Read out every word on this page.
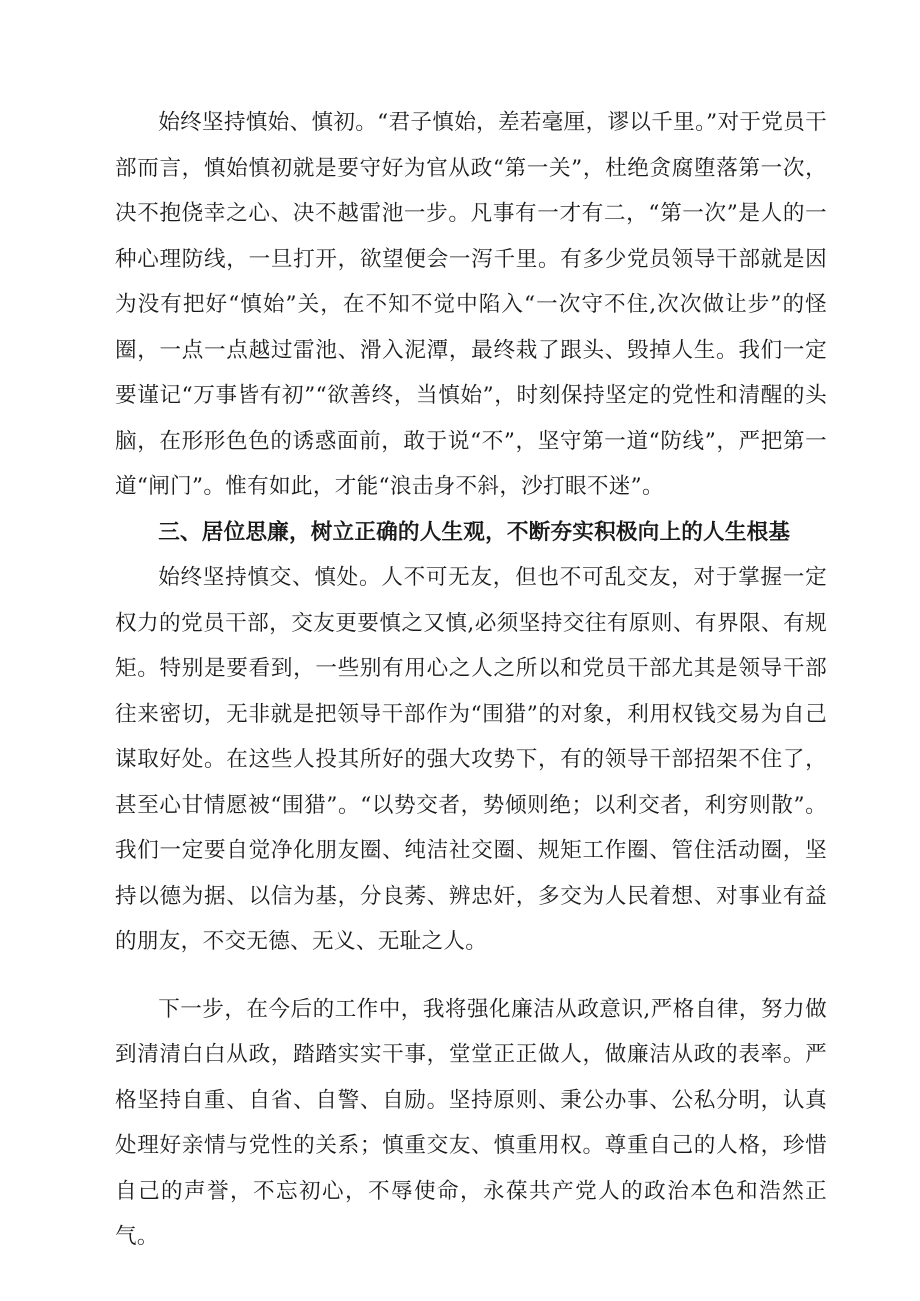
始终坚持慎始、慎初。“君子慎始，差若毫厘，谬以千里。”对于党员干部而言，慎始慎初就是要守好为官从政“第一关”，杜绝贪腐堕落第一次，决不抱侥幸之心、决不越雷池一步。凡事有一才有二，“第一次”是人的一种心理防线，一旦打开，欲望便会一泻千里。有多少党员领导干部就是因为没有把好“慎始”关，在不知不觉中陷入“一次守不住,次次做让步”的怪圈，一点一点越过雷池、滑入泥潭，最终栽了跟头、毁掉人生。我们一定要谨记“万事皆有初”“欲善终，当慎始”，时刻保持坚定的党性和清醒的头脑，在形形色色的诱惑面前，敢于说“不”，坚守第一道“防线”，严把第一道“闸门”。惟有如此，才能“浪击身不斜，沙打眼不迷”。

三、居位思廉，树立正确的人生观，不断夯实积极向上的人生根基

始终坚持慎交、慎处。人不可无友，但也不可乱交友，对于掌握一定权力的党员干部，交友更要慎之又慎,必须坚持交往有原则、有界限、有规矩。特别是要看到，一些别有用心之人之所以和党员干部尤其是领导干部往来密切，无非就是把领导干部作为“围猎”的对象，利用权钱交易为自己谋取好处。在这些人投其所好的强大攻势下，有的领导干部招架不住了，甚至心甘情愿被“围猎”。“以势交者，势倾则绝；以利交者，利穷则散”。我们一定要自觉净化朋友圈、纯洁社交圈、规矩工作圈、管住活动圈，坚持以德为据、以信为基，分良莠、辨忠奸，多交为人民着想、对事业有益的朋友，不交无德、无义、无耻之人。

下一步，在今后的工作中，我将强化廉洁从政意识,严格自律，努力做到清清白白从政，踏踏实实干事，堂堂正正做人，做廉洁从政的表率。严格坚持自重、自省、自警、自励。坚持原则、秉公办事、公私分明，认真处理好亲情与党性的关系；慎重交友、慎重用权。尊重自己的人格，珍惜自己的声誉，不忘初心，不辱使命，永葆共产党人的政治本色和浩然正气。
